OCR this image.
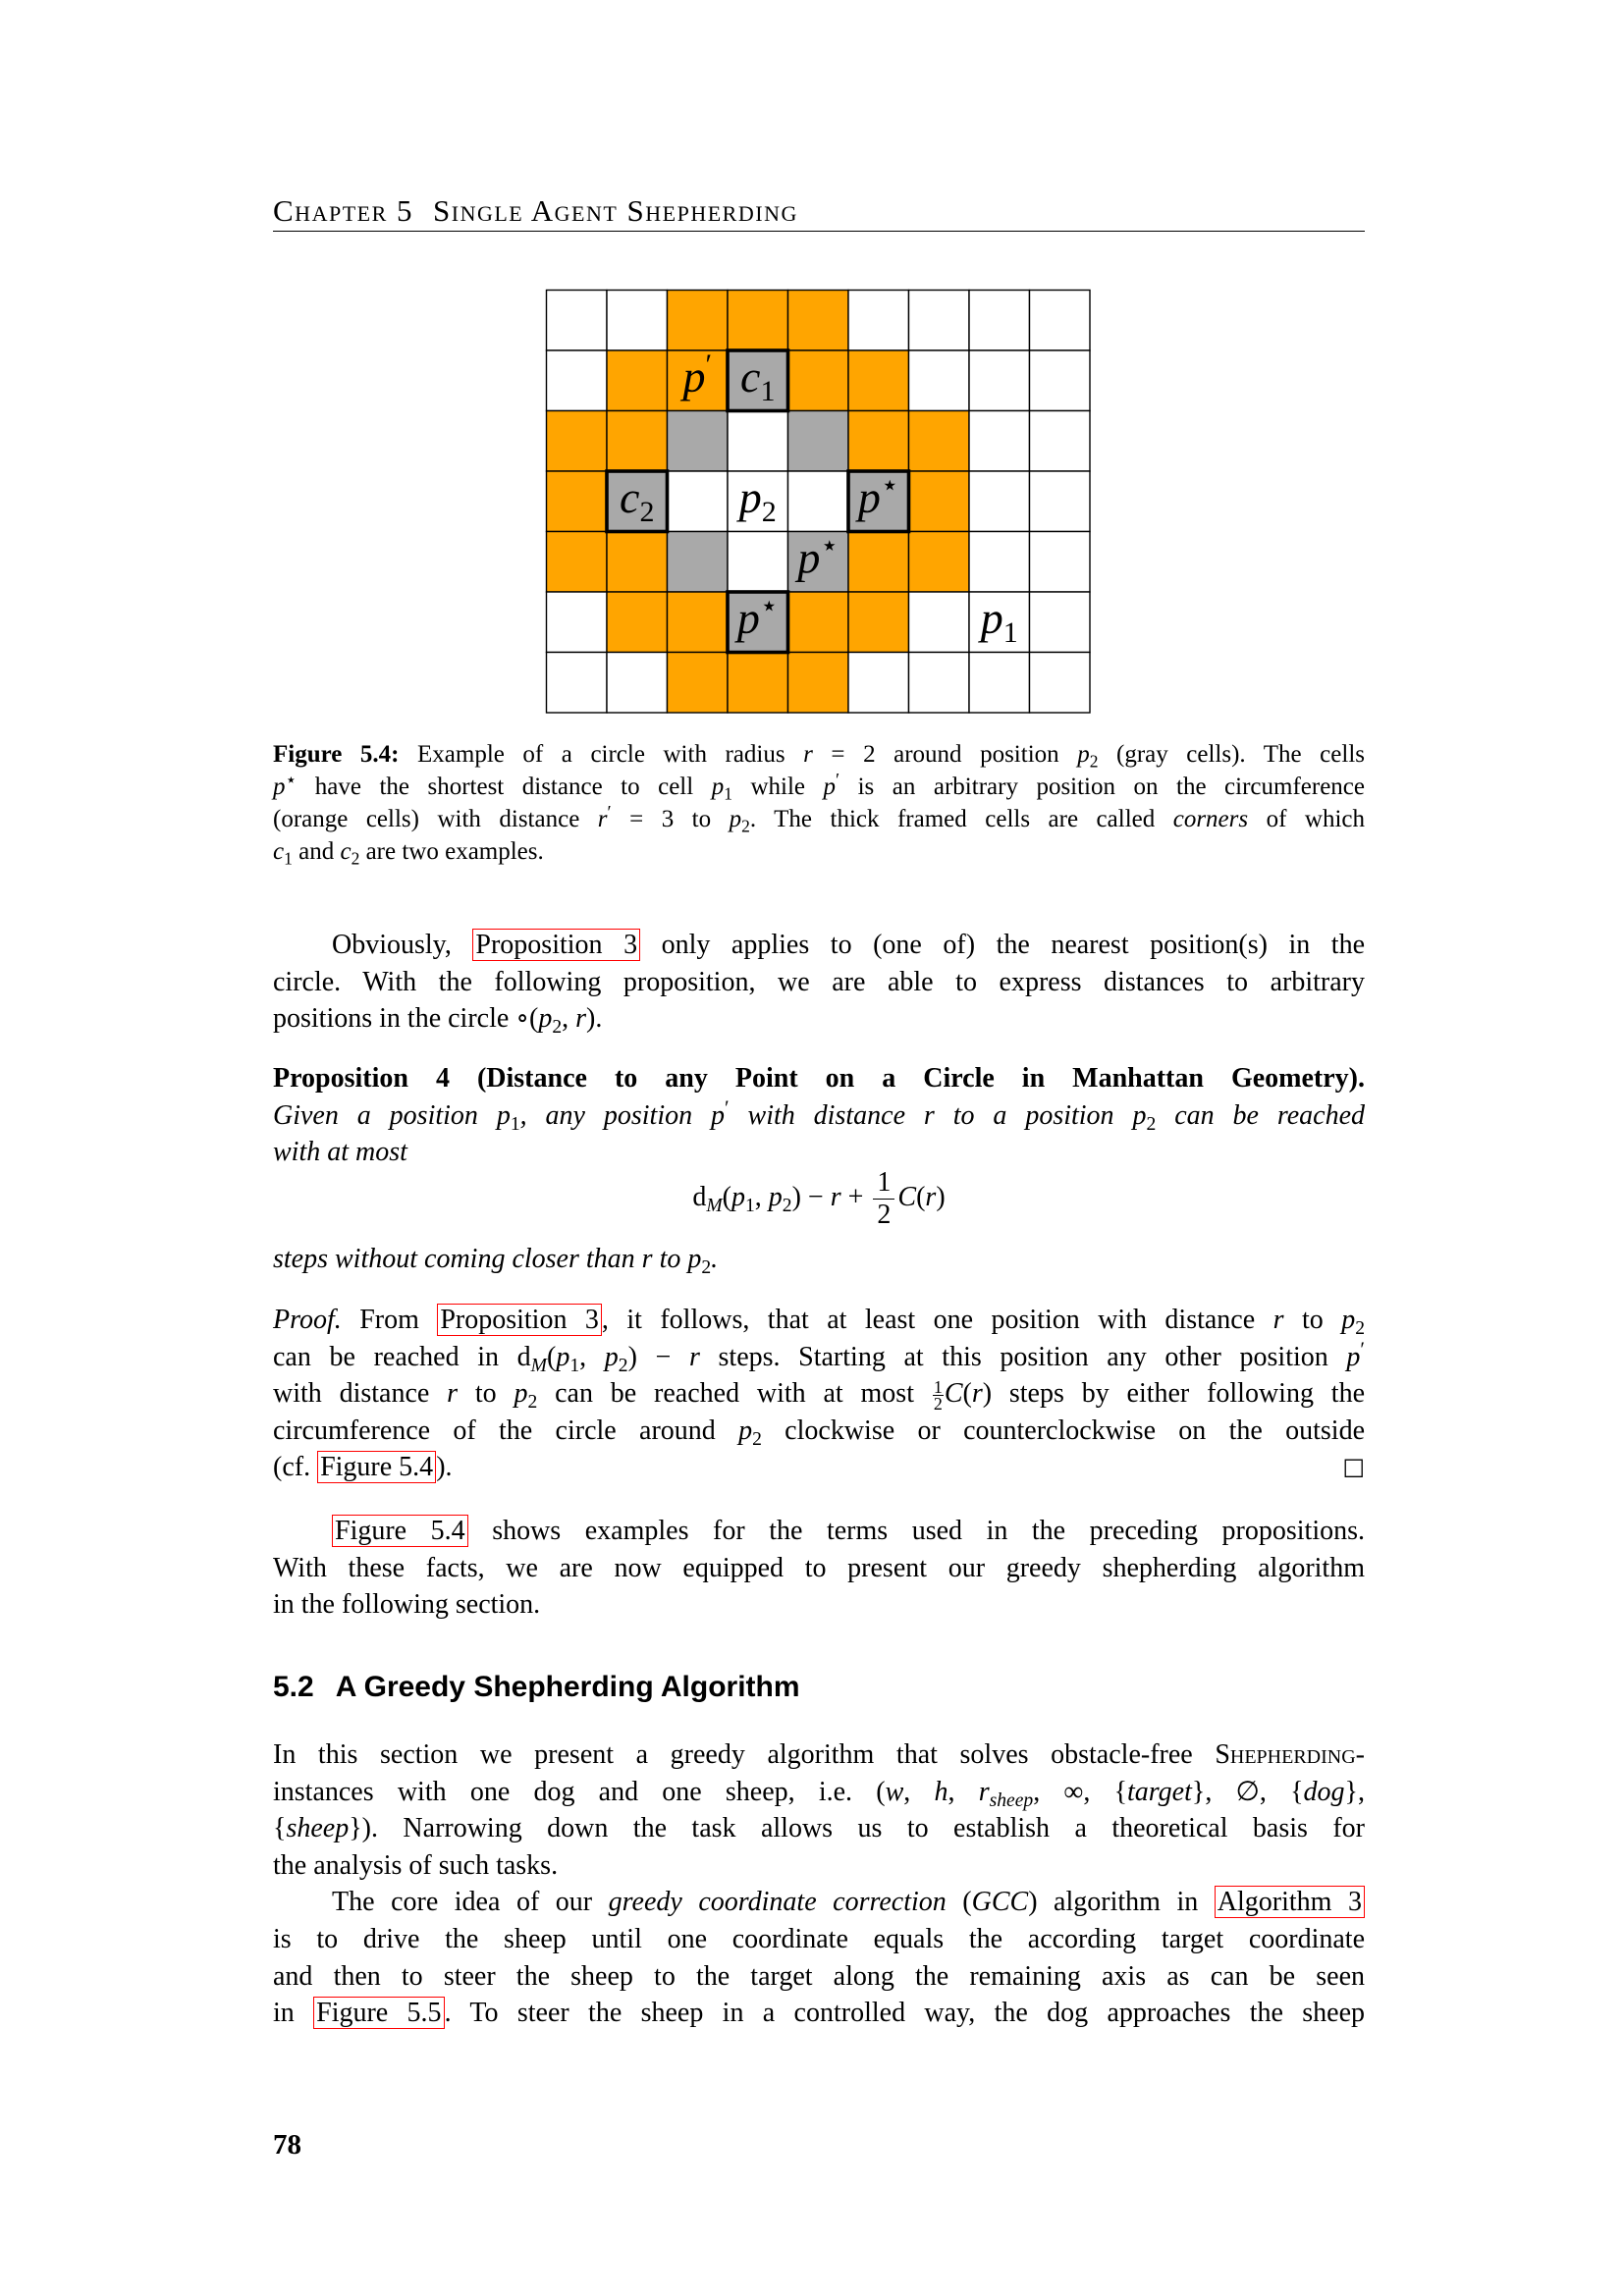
Chapter 5 Single Agent Shepherding
p′ c1
c2 p2 p⋆
p⋆
p⋆	p1
Figure 5.4: Example of a circle with radius r = 2 around position $p_2$ (gray cells). The cells
p⋆ have the shortest distance to cell $p_1$ while p′ is an arbitrary position on the circumference
(orange cells) with distance r′ = 3 to $p_2$. The thick framed cells are called corners of which
$c_1$ and $c_2$ are two examples.
Obviously, Proposition 3 only applies to (one of) the nearest position(s) in the
circle. With the following proposition, we are able to express distances to arbitrary
positions in the circle $\circ(p_2$, r).
Proposition 4 (Distance to any Point on a Circle in Manhattan Geometry).
Given a position $p_1$, any position p′ with distance r to a position $p_2$ can be reached
with at most
$d_M(p_1$, $p_2) - r + \frac{1}{2} C(r)$
steps without coming closer than r to $p_2$.
Proof. From Proposition 3 , it follows, that at least one position with distance r to $p_2$
can be reached in $d_M(p_1$, $p_2) - r$ steps. Starting at this position any other position p′
with distance r to $p_2$ can be reached with at most $\frac{1}{2} C(r)$ steps by either following the
circumference of the circle around $p_2$ clockwise or counterclockwise on the outside
(cf. Figure 5.4 ).	□
Figure 5.4 shows examples for the terms used in the preceding propositions.
With these facts, we are now equipped to present our greedy shepherding algorithm
in the following section.
5.2 A Greedy Shepherding Algorithm
In this section we present a greedy algorithm that solves obstacle-free Shepherding-
instances with one dog and one sheep, i.e. (w, h, $r_{sheep}$, ∞, {target}, ∅, {dog},
{sheep}). Narrowing down the task allows us to establish a theoretical basis for
the analysis of such tasks.
The core idea of our greedy coordinate correction (GCC) algorithm in Algorithm 3
is to drive the sheep until one coordinate equals the according target coordinate
and then to steer the sheep to the target along the remaining axis as can be seen
in Figure 5.5 . To steer the sheep in a controlled way, the dog approaches the sheep
78
